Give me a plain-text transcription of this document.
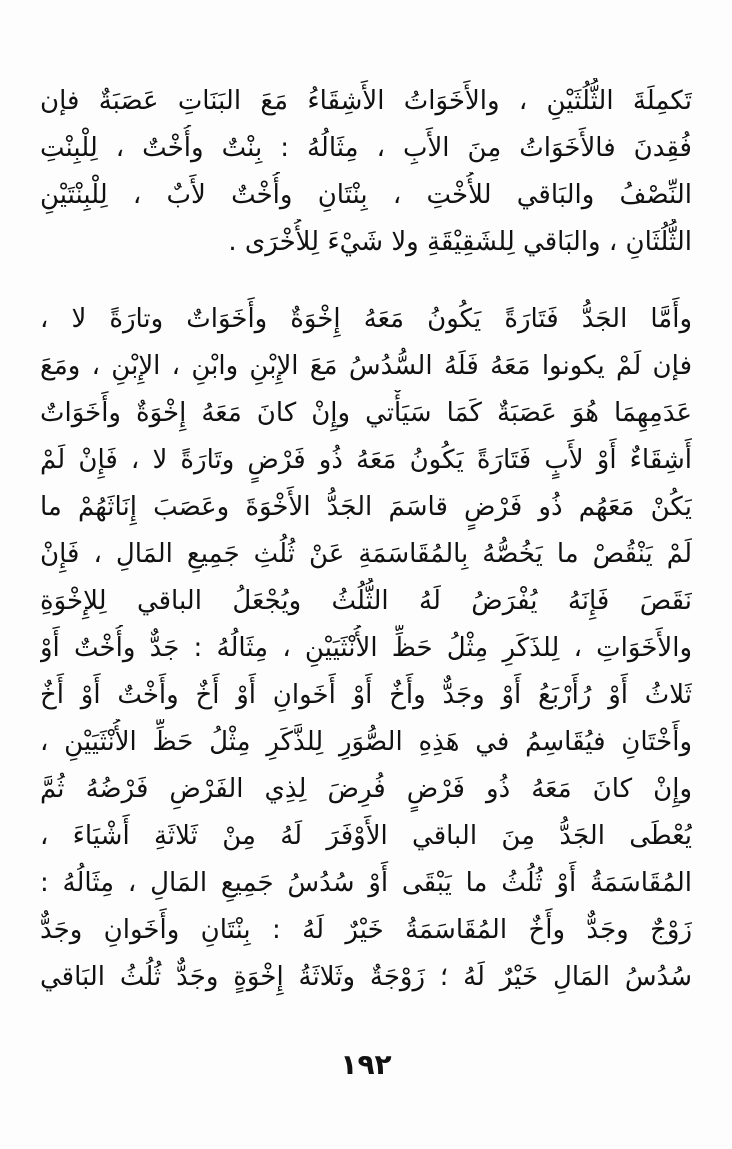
تَكمِلَةَ الثُّلُثَيْنِ ، والأَخَوَاتُ الأَشِقَاءُ مَعَ البَنَاتِ عَصَبَةٌ فإن
فُقِدنَ فالأَخَوَاتُ مِنَ الأَبِ ، مِثَالُهُ : بِنْتٌ وأُخْتٌ ، لِلْبِنْتِ
النِّصْفُ والبَاقي للأُخْتِ ، بِنْتَانِ وأُخْتٌ لأَبٌ ، لِلْبِنْتَيْنِ
الثُّلُثَانِ ، والبَاقي لِلشَقِيْقَةِ ولا شَيْءَ لِلأُخْرَى .
وأَمَّا الجَدُّ فَتَارَةً يَكُونُ مَعَهُ إِخْوَةٌ وأَخَوَاتٌ وتارَةً لا ،
فإن لَمْ يكونوا مَعَهُ فَلَهُ السُّدُسُ مَعَ الإِبْنِ وابْنِ ، الإِبْنِ ، ومَعَ
عَدَمِهِمَا هُوَ عَصَبَةٌ كَمَا سَيَأْتي وإِنْ كانَ مَعَهُ إِخْوَةٌ وأَخَوَاتٌ
أَشِقَاءٌ أَوْ لأَبٍ فَتَارَةً يَكُونُ مَعَهُ ذُو فَرْضٍ وتَارَةً لا ، فَإِنْ لَمْ
يَكُنْ مَعَهُم ذُو فَرْضٍ قاسَمَ الجَدُّ الأَخْوَةَ وعَصَبَ إِنَاثَهُمْ ما
لَمْ يَنْقُصْ ما يَخُصُّهُ بِالمُقَاسَمَةِ عَنْ ثُلُثِ جَمِيعِ المَالِ ، فَإِنْ
نَقَصَ فَإِنَهُ يُفْرَضُ لَهُ الثُّلُثُ ويُجْعَلُ الباقي لِلإِخْوَةِ
والأَخَوَاتِ ، لِلذَكَرِ مِثْلُ حَظِّ الأُنْثَيَيْنِ ، مِثَالُهُ : جَدٌّ وأُخْتٌ أَوْ
ثَلاثُ أَوْ رُأَرْبَعُ أَوْ وجَدٌّ وأَخٌ أَوْ أَخَوانِ أَوْ أَخٌ وأَخْتٌ أَوْ أَخٌ
وأَخْتَانِ فيُقَاسِمُ في هَذِهِ الصُّوَرِ لِلذَّكَرِ مِثْلُ حَظِّ الأُنْثَيَيْنِ ،
وإِنْ كانَ مَعَهُ ذُو فَرْضٍ فُرِضَ لِذِي الفَرْضِ فَرْضُهُ ثُمَّ
يُعْطَى الجَدُّ مِنَ الباقي الأَوْفَرَ لَهُ مِنْ ثَلاثَةِ أَشْيَاءَ ،
المُقَاسَمَةُ أَوْ ثُلُثُ ما يَبْقَى أَوْ سُدُسُ جَمِيعِ المَالِ ، مِثَالُهُ :
زَوْجٌ وجَدٌّ وأَخٌ المُقَاسَمَةُ خَيْرٌ لَهُ : بِنْتَانِ وأَخَوانِ وجَدٌّ
سُدُسُ المَالِ خَيْرٌ لَهُ ؛ زَوْجَةٌ وثَلاثَةُ إِخْوَةٍ وجَدٌّ ثُلُثُ البَاقي
١٩٢
